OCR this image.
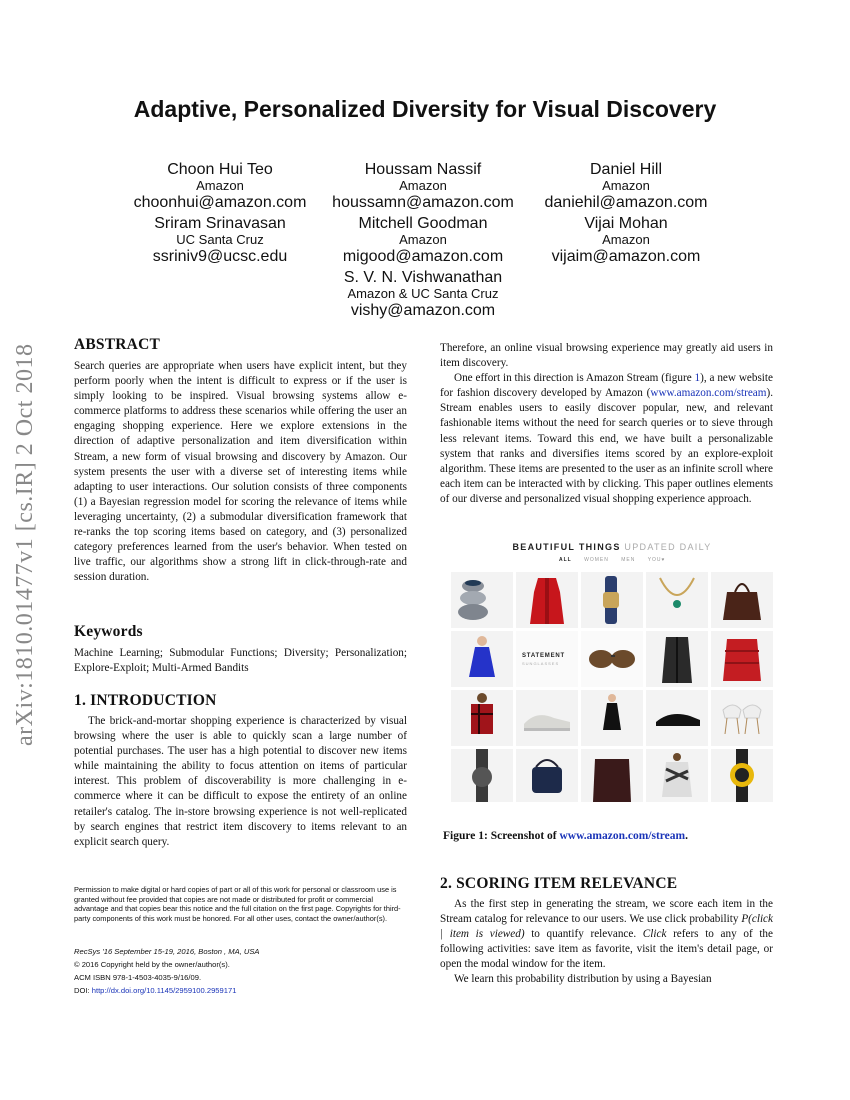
arXiv:1810.01477v1 [cs.IR] 2 Oct 2018
Adaptive, Personalized Diversity for Visual Discovery
Choon Hui Teo
Amazon
choonhui@amazon.com
Houssam Nassif
Amazon
houssamn@amazon.com
Daniel Hill
Amazon
daniehil@amazon.com
Sriram Srinavasan
UC Santa Cruz
ssriniv9@ucsc.edu
Mitchell Goodman
Amazon
migood@amazon.com
Vijai Mohan
Amazon
vijaim@amazon.com
S. V. N. Vishwanathan
Amazon & UC Santa Cruz
vishy@amazon.com
ABSTRACT

Search queries are appropriate when users have explicit intent, but they perform poorly when the intent is difficult to express or if the user is simply looking to be inspired. Visual browsing systems allow e-commerce platforms to address these scenarios while offering the user an engaging shopping experience. Here we explore extensions in the direction of adaptive personalization and item diversification within Stream, a new form of visual browsing and discovery by Amazon. Our system presents the user with a diverse set of interesting items while adapting to user interactions. Our solution consists of three components (1) a Bayesian regression model for scoring the relevance of items while leveraging uncertainty, (2) a submodular diversification framework that re-ranks the top scoring items based on category, and (3) personalized category preferences learned from the user's behavior. When tested on live traffic, our algorithms show a strong lift in click-through-rate and session duration.

Keywords

Machine Learning; Submodular Functions; Diversity; Personalization; Explore-Exploit; Multi-Armed Bandits

1. INTRODUCTION

The brick-and-mortar shopping experience is characterized by visual browsing where the user is able to quickly scan a large number of potential purchases. The user has a high potential to discover new items while maintaining the ability to focus attention on items of particular interest. This problem of discoverability is more challenging in e-commerce where it can be difficult to expose the entirety of an online retailer's catalog. The in-store browsing experience is not well-replicated by search engines that restrict item discovery to items relevant to an explicit search query.

Therefore, an online visual browsing experience may greatly aid users in item discovery.

One effort in this direction is Amazon Stream (figure 1), a new website for fashion discovery developed by Amazon (www.amazon.com/stream). Stream enables users to easily discover popular, new, and relevant fashionable items without the need for search queries or to sieve through less relevant items. Toward this end, we have built a personalizable system that ranks and diversifies items scored by an explore-exploit algorithm. These items are presented to the user as an infinite scroll where each item can be interacted with by clicking. This paper outlines elements of our diverse and personalized visual shopping experience approach.

BEAUTIFUL THINGS UPDATED DAILY
ALL WOMEN MEN YOU♥
STATEMENT
SUNGLASSES
Figure 1: Screenshot of www.amazon.com/stream.
2. SCORING ITEM RELEVANCE

As the first step in generating the stream, we score each item in the Stream catalog for relevance to our users. We use click probability P(click | item is viewed) to quantify relevance. Click refers to any of the following activities: save item as favorite, visit the item's detail page, or open the modal window for the item.

We learn this probability distribution by using a Bayesian

Permission to make digital or hard copies of part or all of this work for personal or classroom use is granted without fee provided that copies are not made or distributed for profit or commercial advantage and that copies bear this notice and the full citation on the first page. Copyrights for third-party components of this work must be honored. For all other uses, contact the owner/author(s).

RecSys '16 September 15-19, 2016, Boston , MA, USA

© 2016 Copyright held by the owner/author(s).

ACM ISBN 978-1-4503-4035-9/16/09.

DOI: http://dx.doi.org/10.1145/2959100.2959171
